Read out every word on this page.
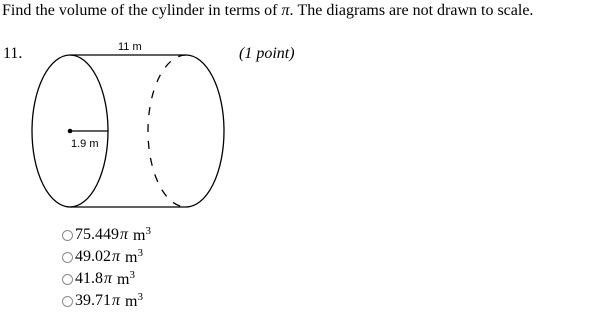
Find the volume of the cylinder in terms of π. The diagrams are not drawn to scale.
11.	(1 point)
11 m
1.9 m
75.449 π $m^3$
49.02 π $m^3$
41.8 π $m^3$
39.71 π $m^3$
